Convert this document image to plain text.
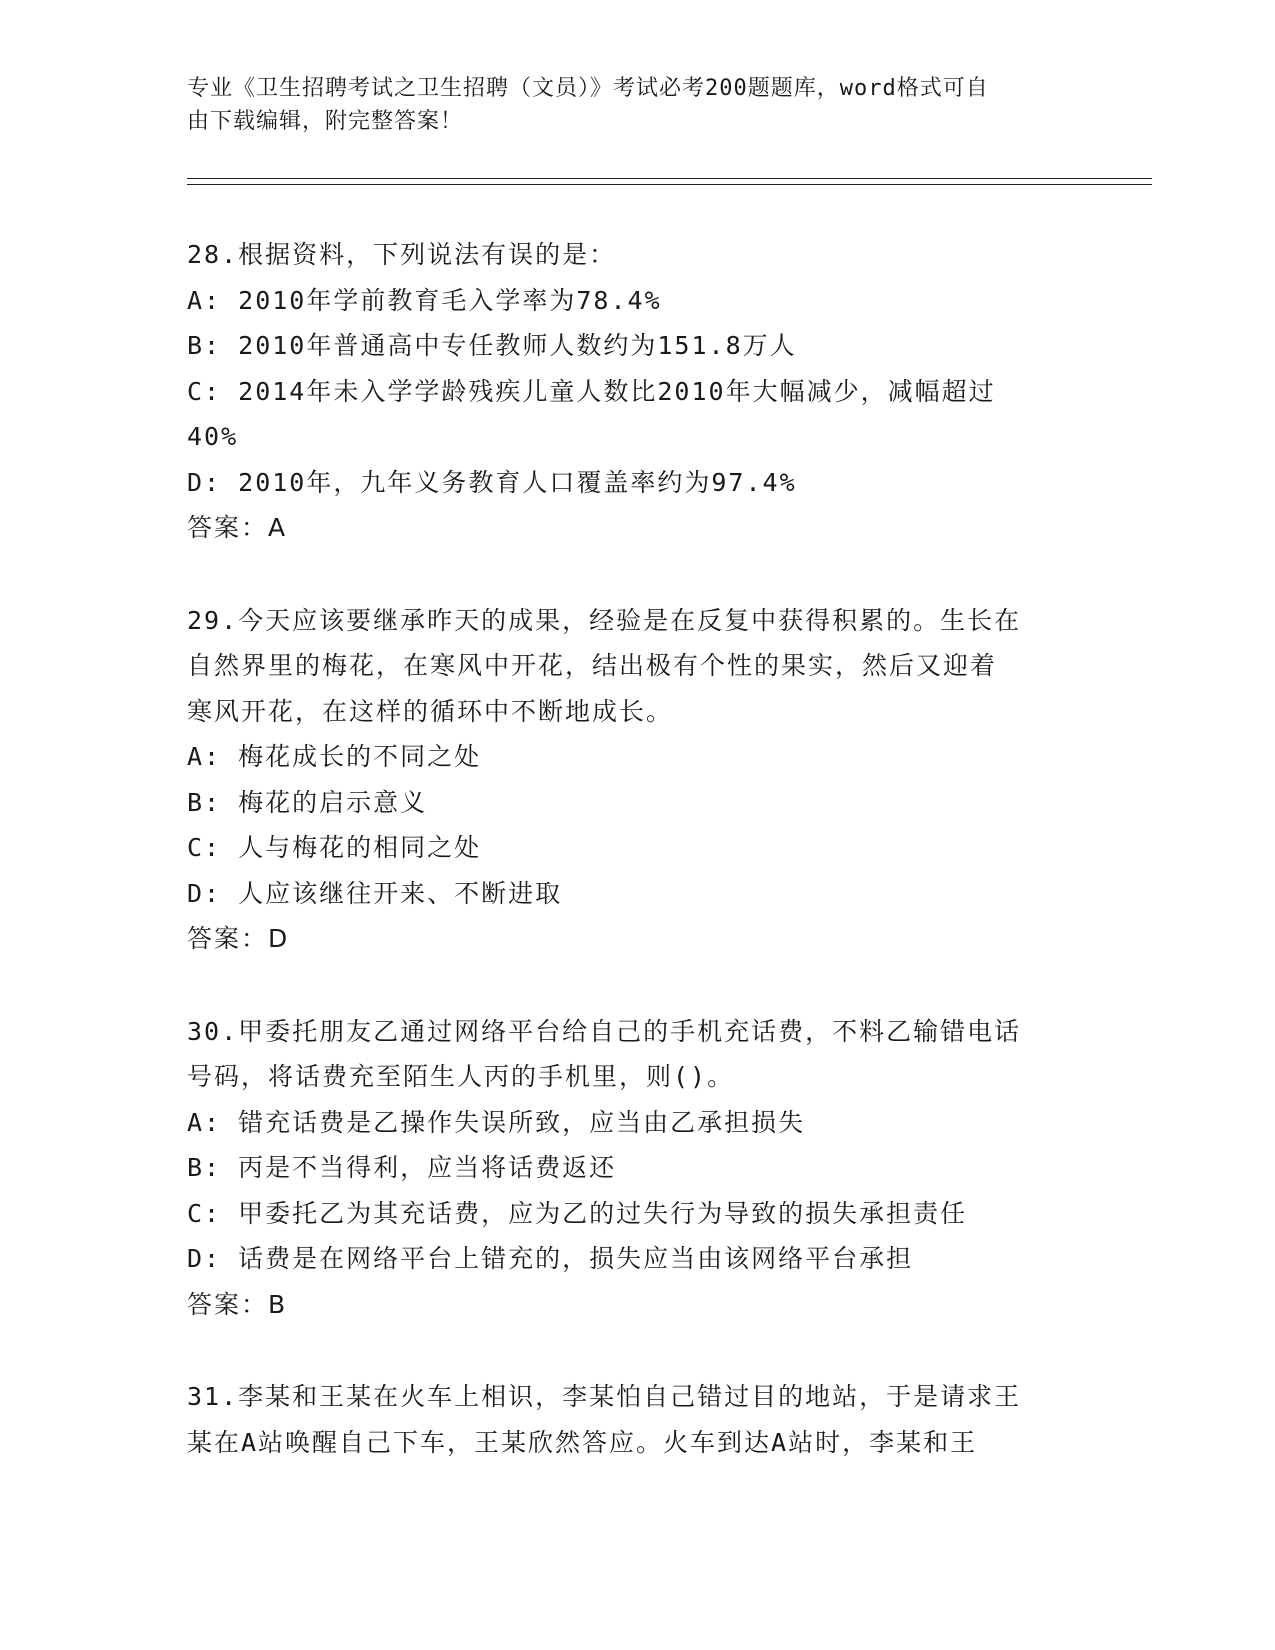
专业《卫生招聘考试之卫生招聘（文员）》考试必考200题题库，word格式可自
由下载编辑，附完整答案！
28.根据资料，下列说法有误的是：
A: 2010年学前教育毛入学率为78.4%
B: 2010年普通高中专任教师人数约为151.8万人
C: 2014年未入学学龄残疾儿童人数比2010年大幅减少，减幅超过
40%
D: 2010年，九年义务教育人口覆盖率约为97.4%
答案：A
29.今天应该要继承昨天的成果，经验是在反复中获得积累的。生长在
自然界里的梅花，在寒风中开花，结出极有个性的果实，然后又迎着
寒风开花，在这样的循环中不断地成长。
A: 梅花成长的不同之处
B: 梅花的启示意义
C: 人与梅花的相同之处
D: 人应该继往开来、不断进取
答案：D
30.甲委托朋友乙通过网络平台给自己的手机充话费，不料乙输错电话
号码，将话费充至陌生人丙的手机里，则()。
A: 错充话费是乙操作失误所致，应当由乙承担损失
B: 丙是不当得利，应当将话费返还
C: 甲委托乙为其充话费，应为乙的过失行为导致的损失承担责任
D: 话费是在网络平台上错充的，损失应当由该网络平台承担
答案：B
31.李某和王某在火车上相识，李某怕自己错过目的地站，于是请求王
某在A站唤醒自己下车，王某欣然答应。火车到达A站时，李某和王
